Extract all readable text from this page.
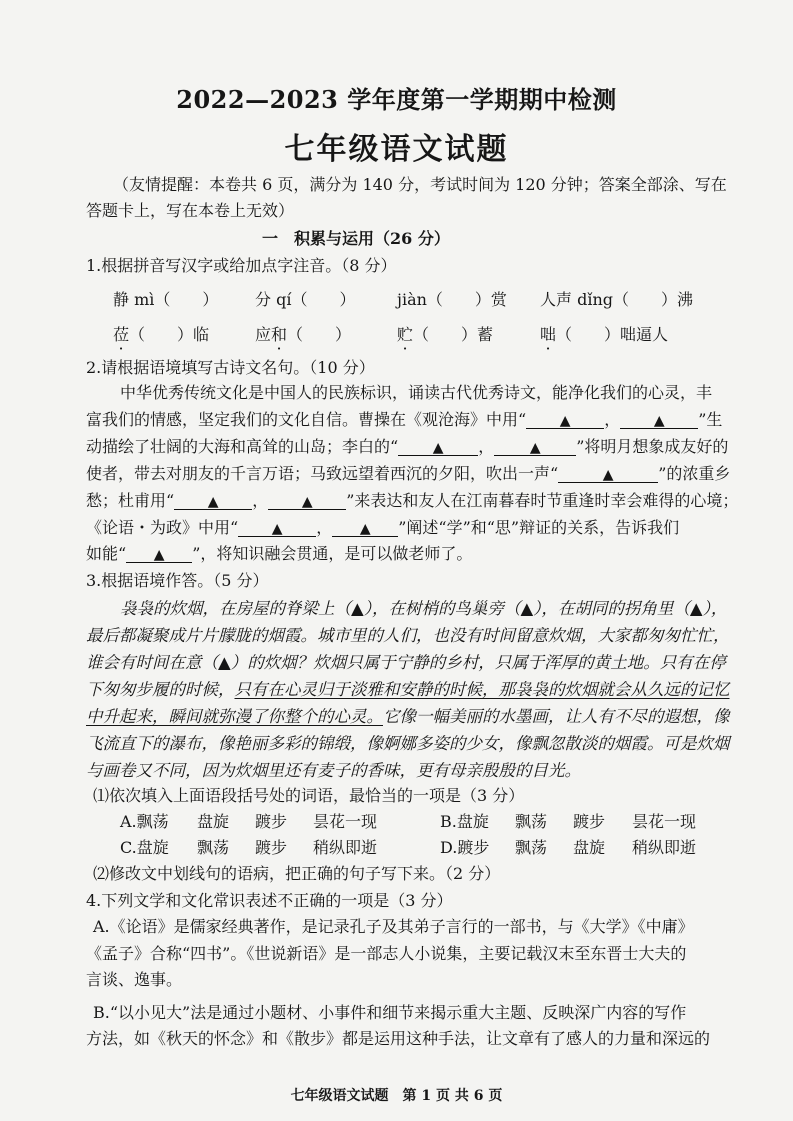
2022—2023 学年度第一学期期中检测
七年级语文试题
（友情提醒：本卷共 6 页，满分为 140 分，考试时间为 120 分钟；答案全部涂、写在
答题卡上，写在本卷上无效）
一　积累与运用（26 分）
1.根据拼音写汉字或给加点字注音。（8 分）
静 mì（　　） 分 qí（　　）	jiàn（　　）赏 人声 dǐng（　　）沸
莅（　　）临	应和（　　）	贮（　　）蓄	咄（　　）咄逼人
2.请根据语境填写古诗文名句。（10 分）
中华优秀传统文化是中国人的民族标识，诵读古代优秀诗文，能净化我们的心灵，丰
富我们的情感，坚定我们的文化自信。曹操在《观沧海》中用“ ▲ ， ▲ ”生
动描绘了壮阔的大海和高耸的山岛；李白的“ ▲ ，	▲ ”将明月想象成友好的
使者，带去对朋友的千言万语；马致远望着西沉的夕阳，吹出一声“	▲	”的浓重乡
愁；杜甫用“ ▲ ， ▲ ”来表达和友人在江南暮春时节重逢时幸会难得的心境；
《论语・为政》中用“ ▲ ， ▲ ”阐述“学”和“思”辩证的关系，告诉我们
如能“ ▲ ”，将知识融会贯通，是可以做老师了。
3.根据语境作答。（5 分）
袅袅的炊烟，在房屋的脊梁上（▲），在树梢的鸟巢旁（▲），在胡同的拐角里（▲），
最后都凝聚成片片朦胧的烟霞。城市里的人们，也没有时间留意炊烟，大家都匆匆忙忙，
谁会有时间在意（▲）的炊烟？炊烟只属于宁静的乡村，只属于浑厚的黄土地。只有在停
下匆匆步履的时候，只有在心灵归于淡雅和安静的时候，那袅袅的炊烟就会从久远的记忆
中升起来，瞬间就弥漫了你整个的心灵。它像一幅美丽的水墨画，让人有不尽的遐想，像
飞流直下的瀑布，像艳丽多彩的锦缎，像婀娜多姿的少女，像飘忽散淡的烟霞。可是炊烟
与画卷又不同，因为炊烟里还有麦子的香味，更有母亲殷殷的目光。
⑴依次填入上面语段括号处的词语，最恰当的一项是（3 分）
A.飘荡 盘旋 踱步 昙花一现	B.盘旋 飘荡 踱步 昙花一现
C.盘旋 飘荡 踱步 稍纵即逝	D.踱步 飘荡 盘旋 稍纵即逝
⑵修改文中划线句的语病，把正确的句子写下来。（2 分）
4.下列文学和文化常识表述不正确的一项是（3 分）
A.《论语》是儒家经典著作，是记录孔子及其弟子言行的一部书，与《大学》《中庸》
《孟子》合称“四书”。《世说新语》是一部志人小说集，主要记载汉末至东晋士大夫的
言谈、逸事。
B.“以小见大”法是通过小题材、小事件和细节来揭示重大主题、反映深广内容的写作
方法，如《秋天的怀念》和《散步》都是运用这种手法，让文章有了感人的力量和深远的
七年级语文试题　第 1 页 共 6 页
